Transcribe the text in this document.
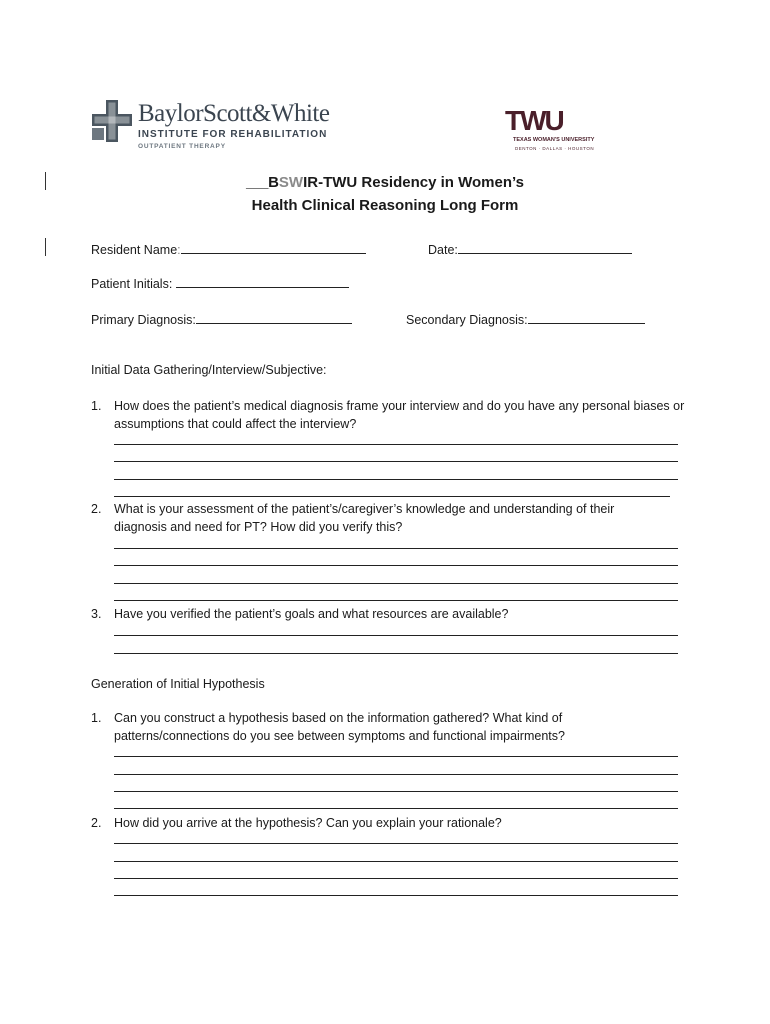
BaylorScott&White
INSTITUTE FOR REHABILITATION
OUTPATIENT THERAPY
TWU
TEXAS WOMAN'S UNIVERSITY
DENTON · DALLAS · HOUSTON
___BSWIR-TWU Residency in Women’s
Health Clinical Reasoning Long Form
Resident Name:	Date:
Patient Initials:
Primary Diagnosis:	Secondary Diagnosis:
Initial Data Gathering/Interview/Subjective:
1. How does the patient’s medical diagnosis frame your interview and do you have any personal biases or assumptions that could affect the interview?
2. What is your assessment of the patient’s/caregiver’s knowledge and understanding of their diagnosis and need for PT? How did you verify this?
3. Have you verified the patient’s goals and what resources are available?
Generation of Initial Hypothesis
1. Can you construct a hypothesis based on the information gathered? What kind of patterns/connections do you see between symptoms and functional impairments?
2. How did you arrive at the hypothesis? Can you explain your rationale?
